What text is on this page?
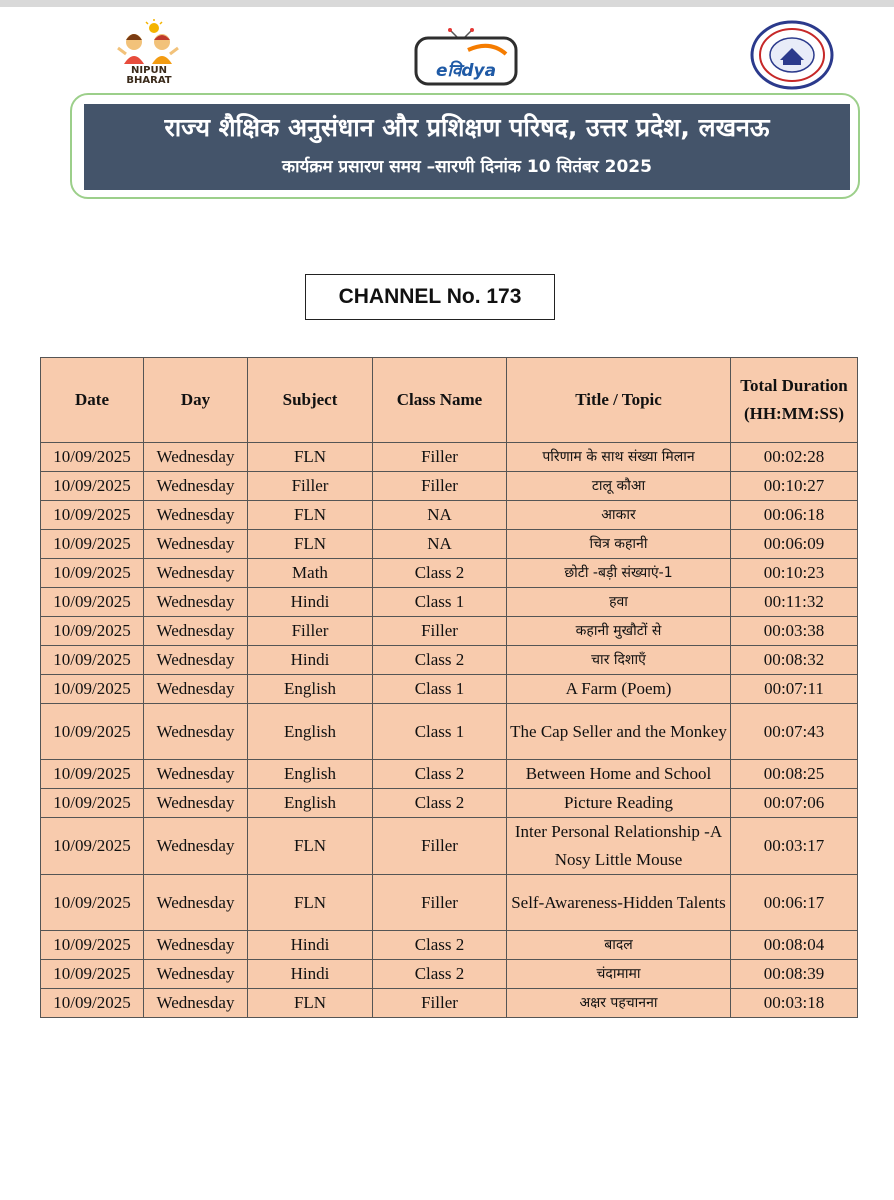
NIPUN BHARAT	eविdya
राज्य शैक्षिक अनुसंधान और प्रशिक्षण परिषद, उत्तर प्रदेश, लखनऊ
कार्यक्रम प्रसारण समय –सारणी दिनांक 10 सितंबर 2025
CHANNEL No. 173
Date	Day	Subject	Class Name	Title / Topic	Total Duration (HH:MM:SS)
10/09/2025	Wednesday	FLN	Filler	परिणाम के साथ संख्या मिलान	00:02:28
10/09/2025	Wednesday	Filler	Filler	टालू कौआ	00:10:27
10/09/2025	Wednesday	FLN	NA	आकार	00:06:18
10/09/2025	Wednesday	FLN	NA	चित्र कहानी	00:06:09
10/09/2025	Wednesday	Math	Class 2	छोटी -बड़ी संख्याएं-1	00:10:23
10/09/2025	Wednesday	Hindi	Class 1	हवा	00:11:32
10/09/2025	Wednesday	Filler	Filler	कहानी मुखौटों से	00:03:38
10/09/2025	Wednesday	Hindi	Class 2	चार दिशाएँ	00:08:32
10/09/2025	Wednesday	English	Class 1	A Farm (Poem)	00:07:11
10/09/2025	Wednesday	English	Class 1	The Cap Seller and the Monkey	00:07:43
10/09/2025	Wednesday	English	Class 2	Between Home and School	00:08:25
10/09/2025	Wednesday	English	Class 2	Picture Reading	00:07:06
10/09/2025	Wednesday	FLN	Filler	Inter Personal Relationship -A Nosy Little Mouse	00:03:17
10/09/2025	Wednesday	FLN	Filler	Self-Awareness-Hidden Talents	00:06:17
10/09/2025	Wednesday	Hindi	Class 2	बादल	00:08:04
10/09/2025	Wednesday	Hindi	Class 2	चंदामामा	00:08:39
10/09/2025	Wednesday	FLN	Filler	अक्षर पहचानना	00:03:18
